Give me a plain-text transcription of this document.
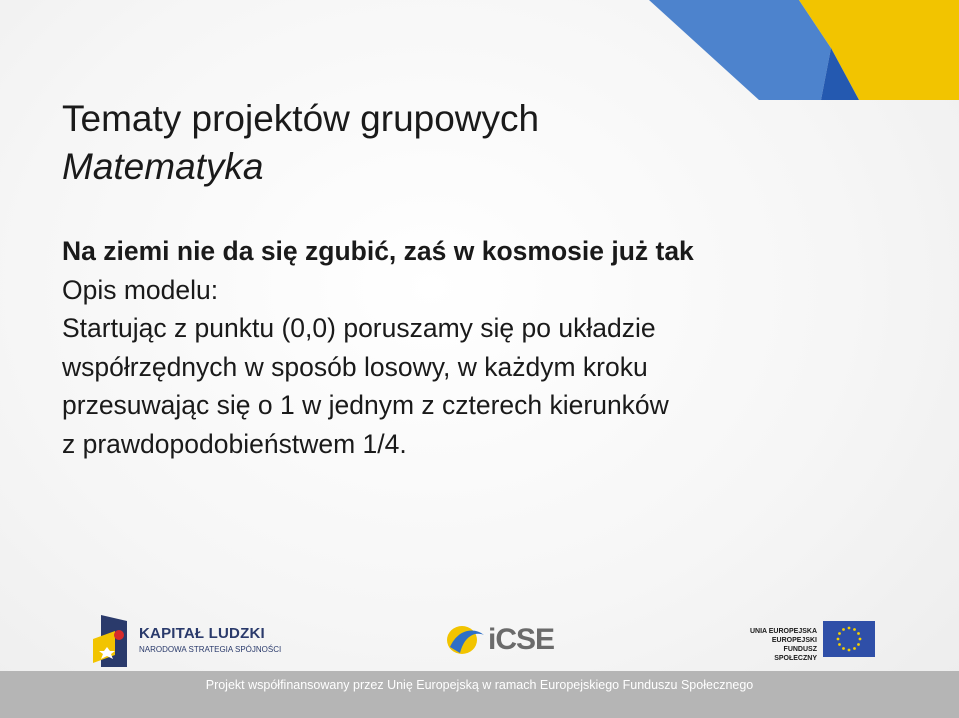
Tematy projektów grupowych
Matematyka

Na ziemi nie da się zgubić, zaś w kosmosie już tak

Opis modelu:

Startując z punktu (0,0) poruszamy się po układzie

współrzędnych w sposób losowy, w każdym kroku

przesuwając się o 1 w jednym z czterech kierunków

z prawdopodobieństwem 1/4.

KAPITAŁ LUDZKI
NARODOWA STRATEGIA SPÓJNOŚCI	iCSE	UNIA EUROPEJSKA
EUROPEJSKI
FUNDUSZ SPOŁECZNY
Projekt współfinansowany przez Unię Europejską w ramach Europejskiego Funduszu Społecznego
